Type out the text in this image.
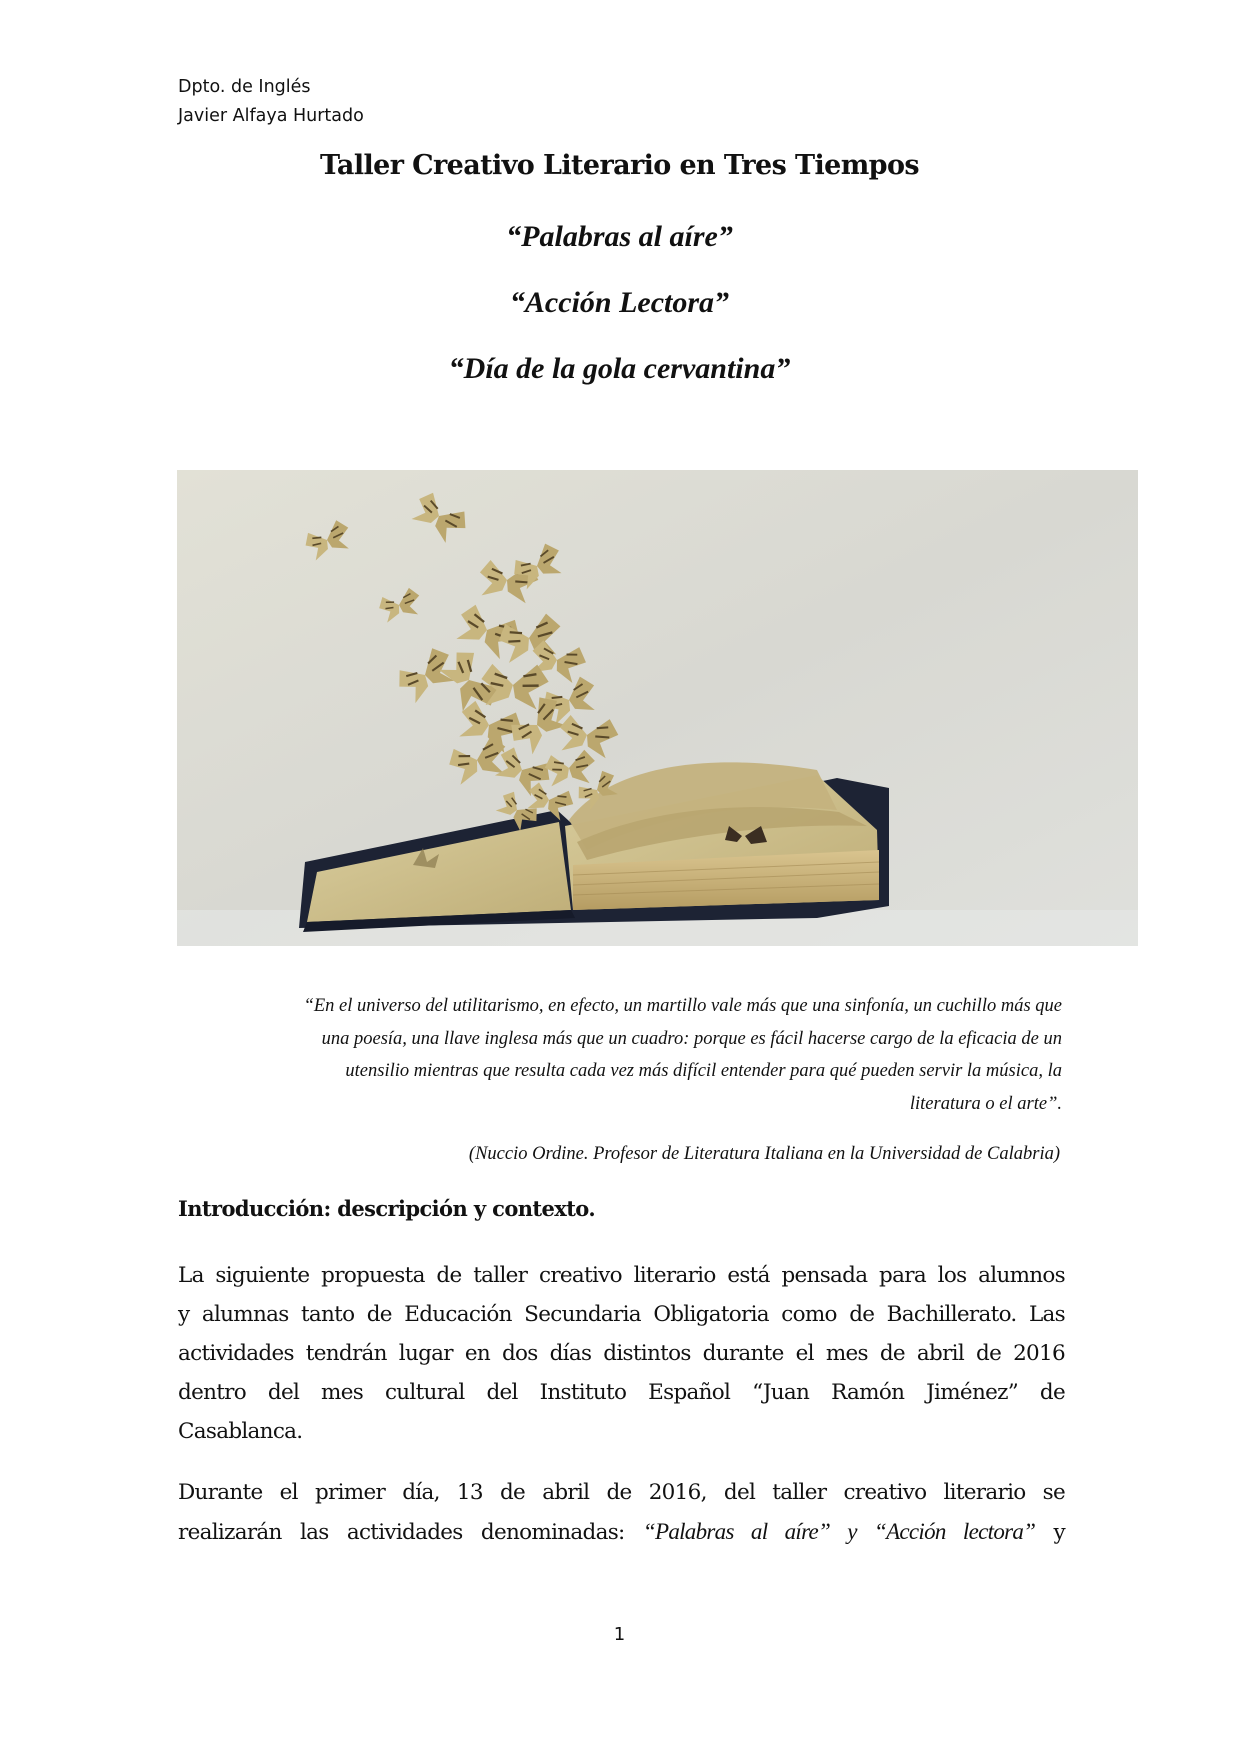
Dpto. de Inglés
Javier Alfaya Hurtado
Taller Creativo Literario en Tres Tiempos
“Palabras al aíre”
“Acción Lectora”
“Día de la gola cervantina”
“En el universo del utilitarismo, en efecto, un martillo vale más que una sinfonía, un cuchillo más que
una poesía, una llave inglesa más que un cuadro: porque es fácil hacerse cargo de la eficacia de un
utensilio mientras que resulta cada vez más difícil entender para qué pueden servir la música, la
literatura o el arte”.
(Nuccio Ordine. Profesor de Literatura Italiana en la Universidad de Calabria)
Introducción: descripción y contexto.
La siguiente propuesta de taller creativo literario está pensada para los alumnos
y alumnas tanto de Educación Secundaria Obligatoria como de Bachillerato. Las
actividades tendrán lugar en dos días distintos durante el mes de abril de 2016
dentro del mes cultural del Instituto Español “Juan Ramón Jiménez” de
Casablanca.
Durante el primer día, 13 de abril de 2016, del taller creativo literario se
realizarán las actividades denominadas: “Palabras al aíre” y “Acción lectora” y
1
